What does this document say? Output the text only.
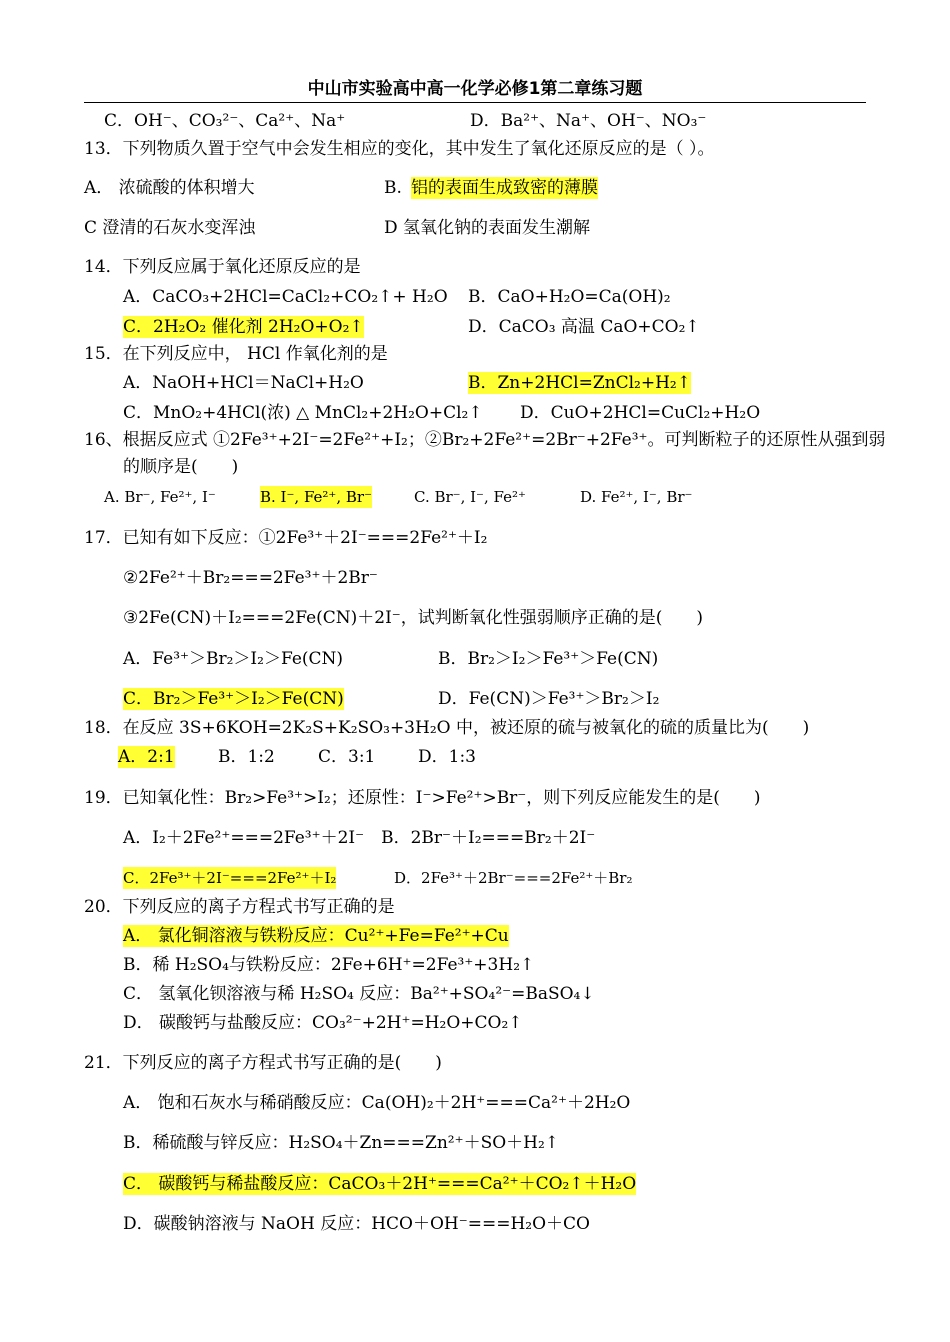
中山市实验高中高一化学必修1第二章练习题
C．OH⁻、CO₃²⁻、Ca²⁺、Na⁺	D．Ba²⁺、Na⁺、OH⁻、NO₃⁻
13．下列物质久置于空气中会发生相应的变化，其中发生了氧化还原反应的是（ ）。
A． 浓硫酸的体积增大	B. 铝的表面生成致密的薄膜
C 澄清的石灰水变浑浊	D 氢氧化钠的表面发生潮解
14．下列反应属于氧化还原反应的是
A．CaCO₃+2HCl=CaCl₂+CO₂↑+ H₂O B．CaO+H₂O=Ca(OH)₂
C．2H₂O₂ 催化剂 2H₂O+O₂↑	D．CaCO₃ 高温 CaO+CO₂↑
15．在下列反应中， HCl 作氧化剂的是
A．NaOH+HCl＝NaCl+H₂O	B．Zn+2HCl=ZnCl₂+H₂↑
C．MnO₂+4HCl(浓) △ MnCl₂+2H₂O+Cl₂↑ D．CuO+2HCl=CuCl₂+H₂O
16、根据反应式 ①2Fe³⁺+2I⁻=2Fe²⁺+I₂；②Br₂+2Fe²⁺=2Br⁻+2Fe³⁺。可判断粒子的还原性从强到弱
的顺序是(　　)
A. Br⁻, Fe²⁺, I⁻	B. I⁻, Fe²⁺, Br⁻	C. Br⁻, I⁻, Fe²⁺	D. Fe²⁺, I⁻, Br⁻
17．已知有如下反应：①2Fe³⁺＋2I⁻===2Fe²⁺＋I₂
②2Fe²⁺＋Br₂===2Fe³⁺＋2Br⁻
③2Fe(CN)＋I₂===2Fe(CN)＋2I⁻，试判断氧化性强弱顺序正确的是(　　)
A．Fe³⁺＞Br₂＞I₂＞Fe(CN)	B．Br₂＞I₂＞Fe³⁺＞Fe(CN)
C．Br₂＞Fe³⁺＞I₂＞Fe(CN)	D．Fe(CN)＞Fe³⁺＞Br₂＞I₂
18．在反应 3S+6KOH=2K₂S+K₂SO₃+3H₂O 中，被还原的硫与被氧化的硫的质量比为(　　)
A．2:1	B．1:2	C．3:1	D．1:3
19．已知氧化性：Br₂>Fe³⁺>I₂；还原性：I⁻>Fe²⁺>Br⁻，则下列反应能发生的是(　　)
A．I₂＋2Fe²⁺===2Fe³⁺＋2I⁻　B．2Br⁻＋I₂===Br₂＋2I⁻
C．2Fe³⁺＋2I⁻===2Fe²⁺＋I₂	D．2Fe³⁺＋2Br⁻===2Fe²⁺＋Br₂
20．下列反应的离子方程式书写正确的是
A． 氯化铜溶液与铁粉反应：Cu²⁺+Fe=Fe²⁺+Cu
B．稀 H₂SO₄与铁粉反应：2Fe+6H⁺=2Fe³⁺+3H₂↑
C． 氢氧化钡溶液与稀 H₂SO₄ 反应：Ba²⁺+SO₄²⁻=BaSO₄↓
D． 碳酸钙与盐酸反应：CO₃²⁻+2H⁺=H₂O+CO₂↑
21．下列反应的离子方程式书写正确的是(　　)
A． 饱和石灰水与稀硝酸反应：Ca(OH)₂＋2H⁺===Ca²⁺＋2H₂O
B．稀硫酸与锌反应：H₂SO₄＋Zn===Zn²⁺＋SO＋H₂↑
C． 碳酸钙与稀盐酸反应：CaCO₃＋2H⁺===Ca²⁺＋CO₂↑＋H₂O
D．碳酸钠溶液与 NaOH 反应：HCO＋OH⁻===H₂O＋CO
